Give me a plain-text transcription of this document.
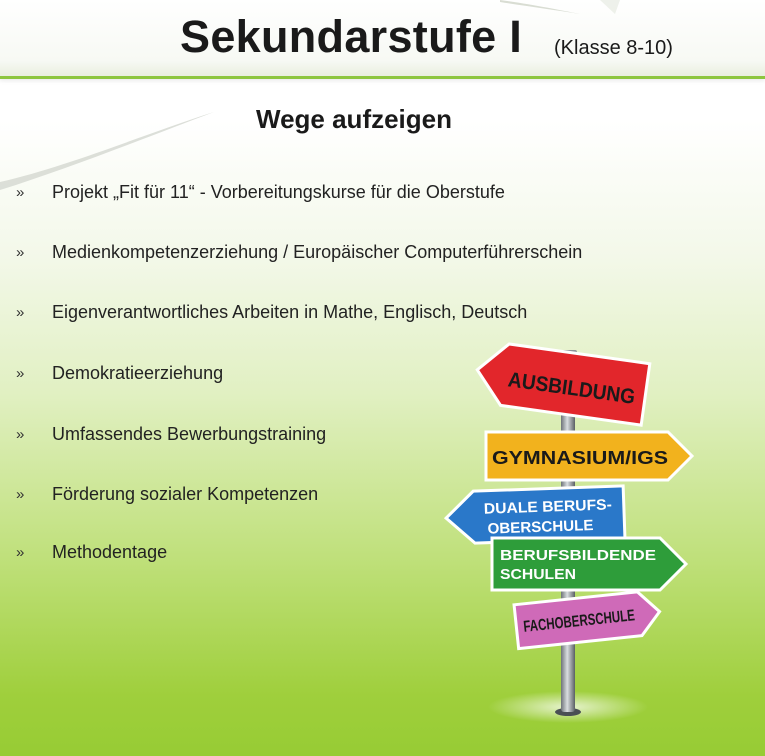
Sekundarstufe I (Klasse 8-10)
Wege aufzeigen
» Projekt „Fit für 11“ - Vorbereitungskurse für die Oberstufe
» Medienkompetenzerziehung / Europäischer Computerführerschein
» Eigenverantwortliches Arbeiten in Mathe, Englisch, Deutsch
» Demokratieerziehung
» Umfassendes Bewerbungstraining
» Förderung sozialer Kompetenzen
» Methodentage
AUSBILDUNG
GYMNASIUM/IGS
DUALE BERUFS-
OBERSCHULE
BERUFSBILDENDE
SCHULEN
FACHOBERSCHULE
